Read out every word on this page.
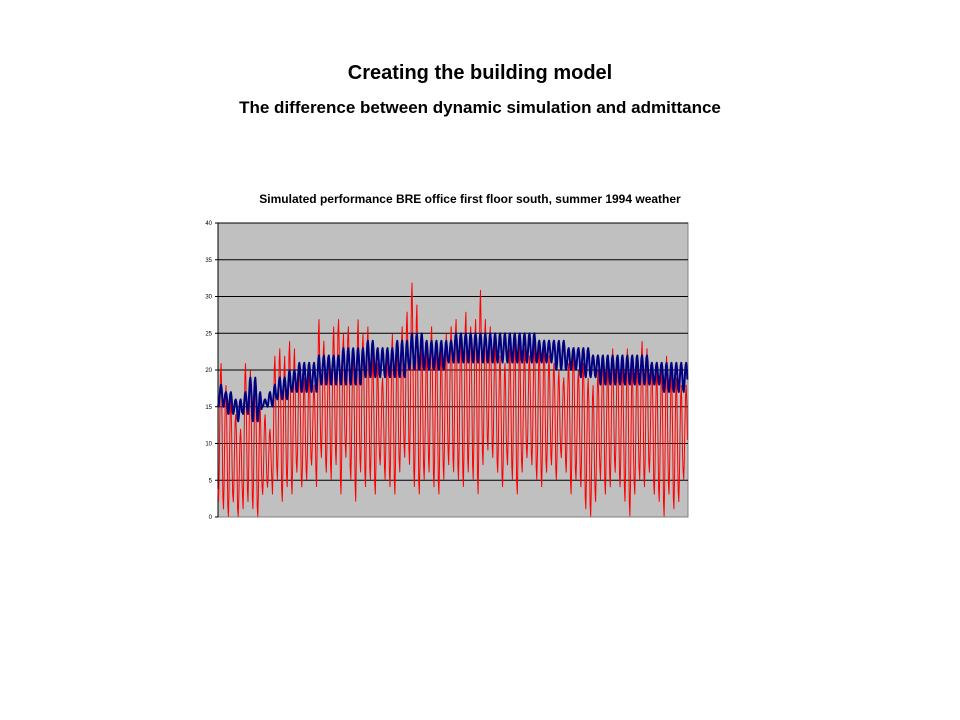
Creating the building model
The difference between dynamic simulation and admittance
Simulated performance BRE office first floor south, summer 1994 weather
0
5
10
15
20
25
30
35
40
